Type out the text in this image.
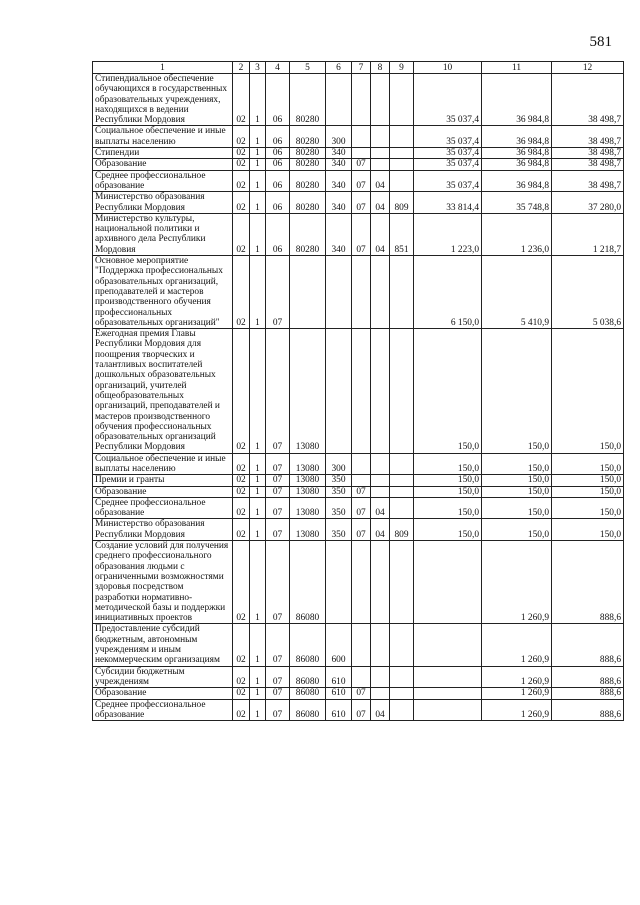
581
1	2	3	4	5	6	7	8	9	10	11	12
Стипендиальное обеспечение обучающихся в государственных образовательных учреждениях, находящихся в ведении Республики Мордовия	02	1	06	80280					35 037,4	36 984,8	38 498,7
Социальное обеспечение и иные выплаты населению	02	1	06	80280	300				35 037,4	36 984,8	38 498,7
Стипендии	02	1	06	80280	340				35 037,4	36 984,8	38 498,7
Образование	02	1	06	80280	340	07			35 037,4	36 984,8	38 498,7
Среднее профессиональное образование	02	1	06	80280	340	07	04		35 037,4	36 984,8	38 498,7
Министерство образования Республики Мордовия	02	1	06	80280	340	07	04	809	33 814,4	35 748,8	37 280,0
Министерство культуры, национальной политики и архивного дела Республики Мордовия	02	1	06	80280	340	07	04	851	1 223,0	1 236,0	1 218,7
Основное мероприятие "Поддержка профессиональных образовательных организаций, преподавателей и мастеров производственного обучения профессиональных образовательных организаций"	02	1	07						6 150,0	5 410,9	5 038,6
Ежегодная премия Главы Республики Мордовия для поощрения творческих и талантливых воспитателей дошкольных образовательных организаций, учителей общеобразовательных организаций, преподавателей и мастеров производственного обучения профессиональных образовательных организаций Республики Мордовия	02	1	07	13080					150,0	150,0	150,0
Социальное обеспечение и иные выплаты населению	02	1	07	13080	300				150,0	150,0	150,0
Премии и гранты	02	1	07	13080	350				150,0	150,0	150,0
Образование	02	1	07	13080	350	07			150,0	150,0	150,0
Среднее профессиональное образование	02	1	07	13080	350	07	04		150,0	150,0	150,0
Министерство образования Республики Мордовия	02	1	07	13080	350	07	04	809	150,0	150,0	150,0
Создание условий для получения среднего профессионального образования людьми с ограниченными возможностями здоровья посредством разработки нормативно-методической базы и поддержки инициативных проектов	02	1	07	86080						1 260,9	888,6
Предоставление субсидий бюджетным, автономным учреждениям и иным некоммерческим организациям	02	1	07	86080	600					1 260,9	888,6
Субсидии бюджетным учреждениям	02	1	07	86080	610					1 260,9	888,6
Образование	02	1	07	86080	610	07				1 260,9	888,6
Среднее профессиональное образование	02	1	07	86080	610	07	04			1 260,9	888,6
